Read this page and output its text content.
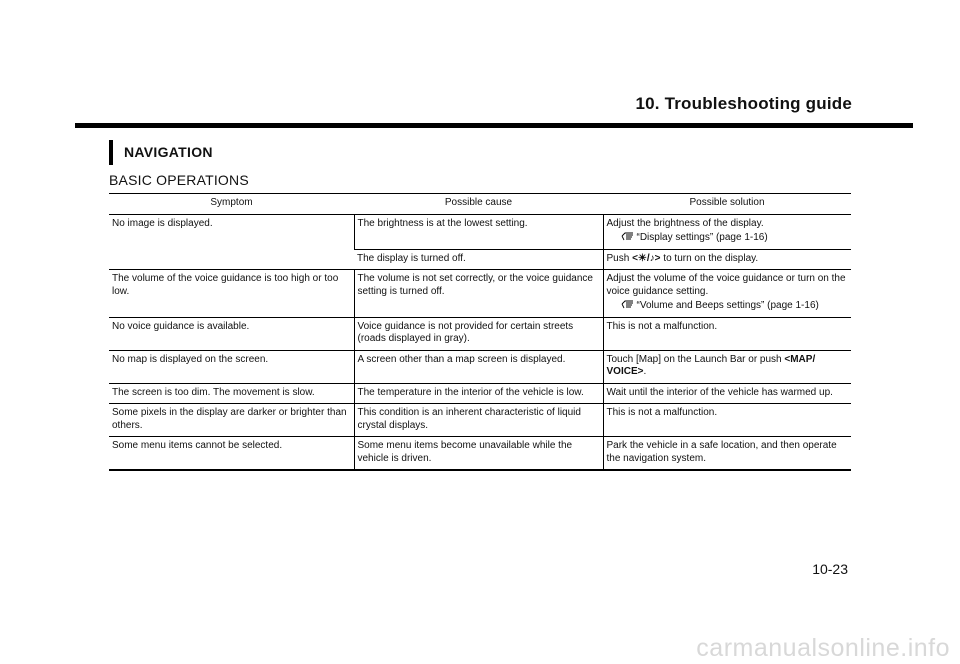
10. Troubleshooting guide
NAVIGATION
BASIC OPERATIONS
Symptom	Possible cause	Possible solution
No image is displayed.	The brightness is at the lowest setting.	Adjust the brightness of the display.
“Display settings” (page 1-16)

	The display is turned off.	Push <☀/♪> to turn on the display.
The volume of the voice guidance is too high or too low.	The volume is not set correctly, or the voice guidance setting is turned off.	Adjust the volume of the voice guidance or turn on the voice guidance setting.
“Volume and Beeps settings” (page 1-16)

No voice guidance is available.	Voice guidance is not provided for certain streets (roads displayed in gray).	This is not a malfunction.
No map is displayed on the screen.	A screen other than a map screen is displayed.	Touch [Map] on the Launch Bar or push <MAP/ VOICE>.
The screen is too dim. The movement is slow.	The temperature in the interior of the vehicle is low.	Wait until the interior of the vehicle has warmed up.
Some pixels in the display are darker or brighter than others.	This condition is an inherent characteristic of liquid crystal displays.	This is not a malfunction.
Some menu items cannot be selected.	Some menu items become unavailable while the vehicle is driven.	Park the vehicle in a safe location, and then operate the navigation system.
10-23
carmanualsonline.info
